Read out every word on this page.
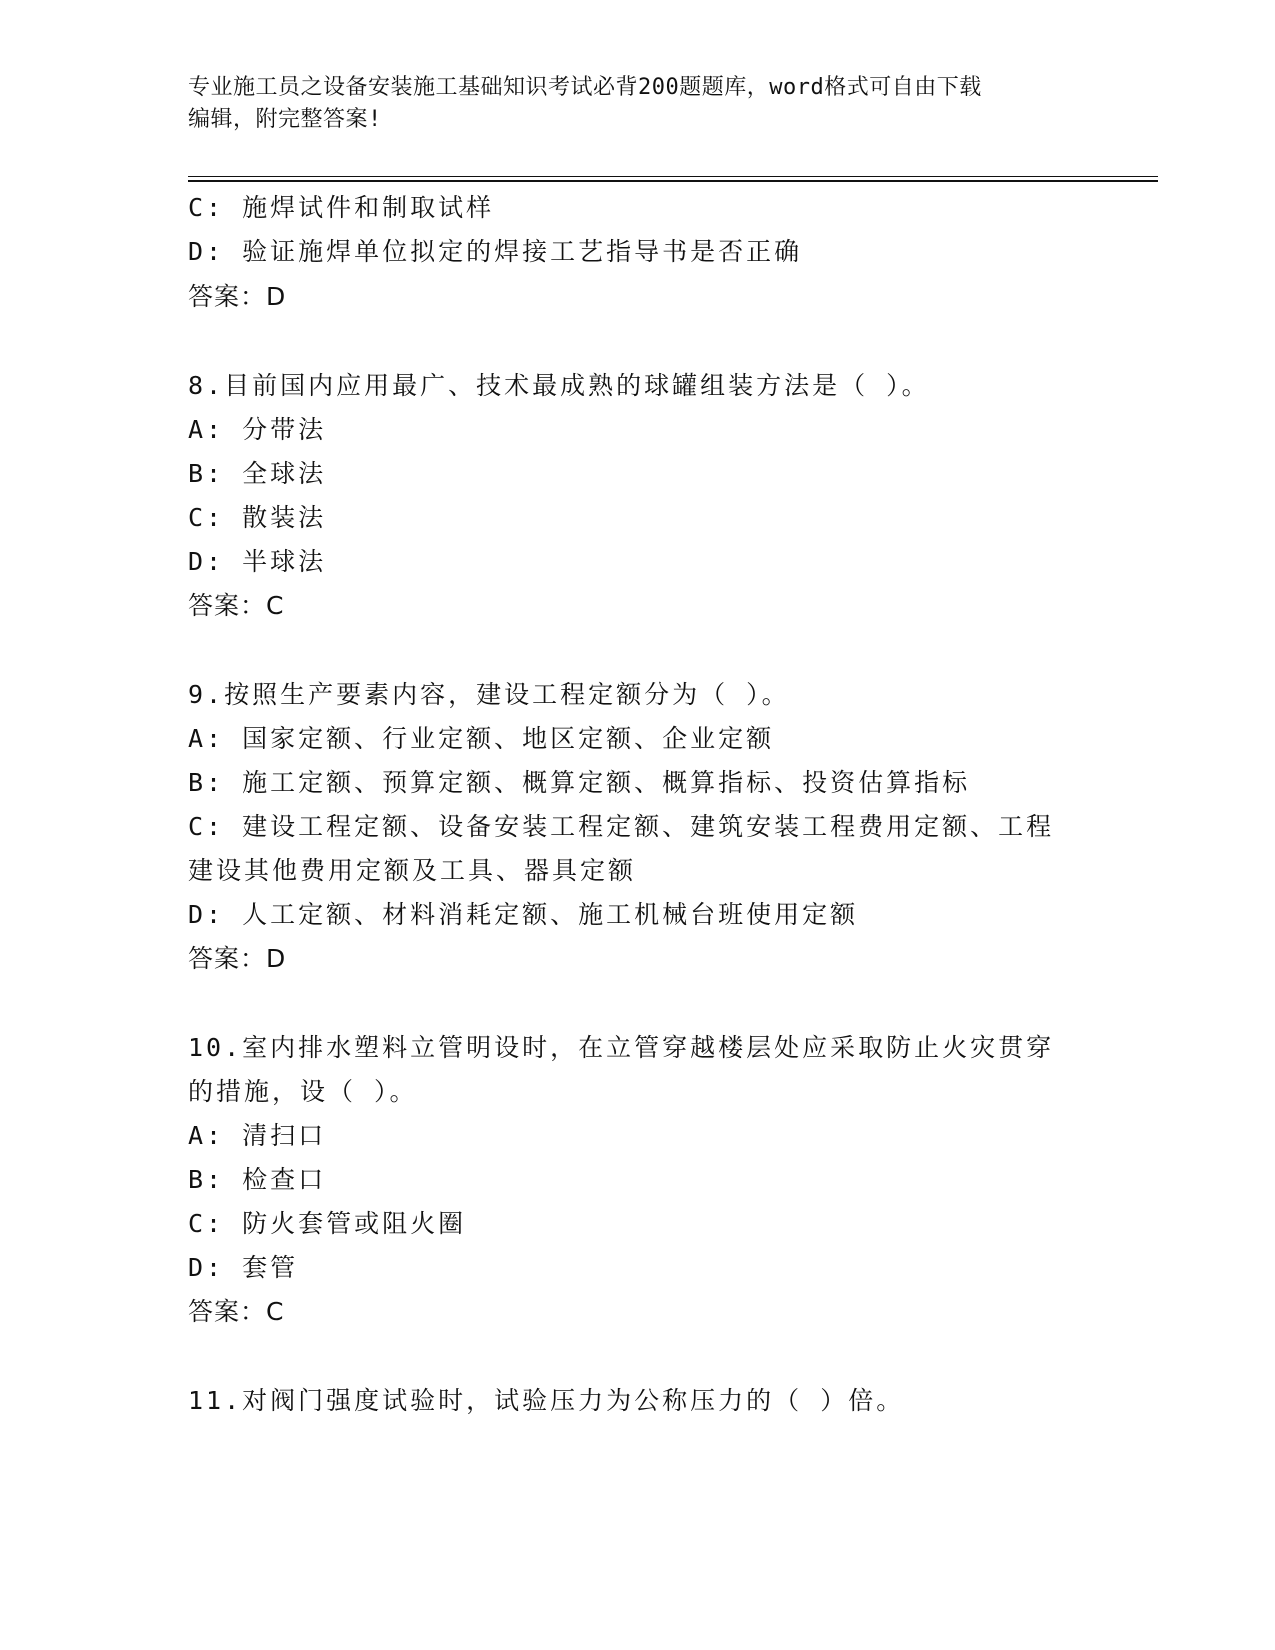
专业施工员之设备安装施工基础知识考试必背200题题库，word格式可自由下载
编辑，附完整答案!
C: 施焊试件和制取试样
D: 验证施焊单位拟定的焊接工艺指导书是否正确
答案：D
8.目前国内应用最广、技术最成熟的球罐组装方法是（ ）。
A: 分带法
B: 全球法
C: 散装法
D: 半球法
答案：C
9.按照生产要素内容，建设工程定额分为（ ）。
A: 国家定额、行业定额、地区定额、企业定额
B: 施工定额、预算定额、概算定额、概算指标、投资估算指标
C: 建设工程定额、设备安装工程定额、建筑安装工程费用定额、工程
建设其他费用定额及工具、器具定额
D: 人工定额、材料消耗定额、施工机械台班使用定额
答案：D
10.室内排水塑料立管明设时，在立管穿越楼层处应采取防止火灾贯穿
的措施，设（ ）。
A: 清扫口
B: 检查口
C: 防火套管或阻火圈
D: 套管
答案：C
11.对阀门强度试验时，试验压力为公称压力的（ ）倍。
